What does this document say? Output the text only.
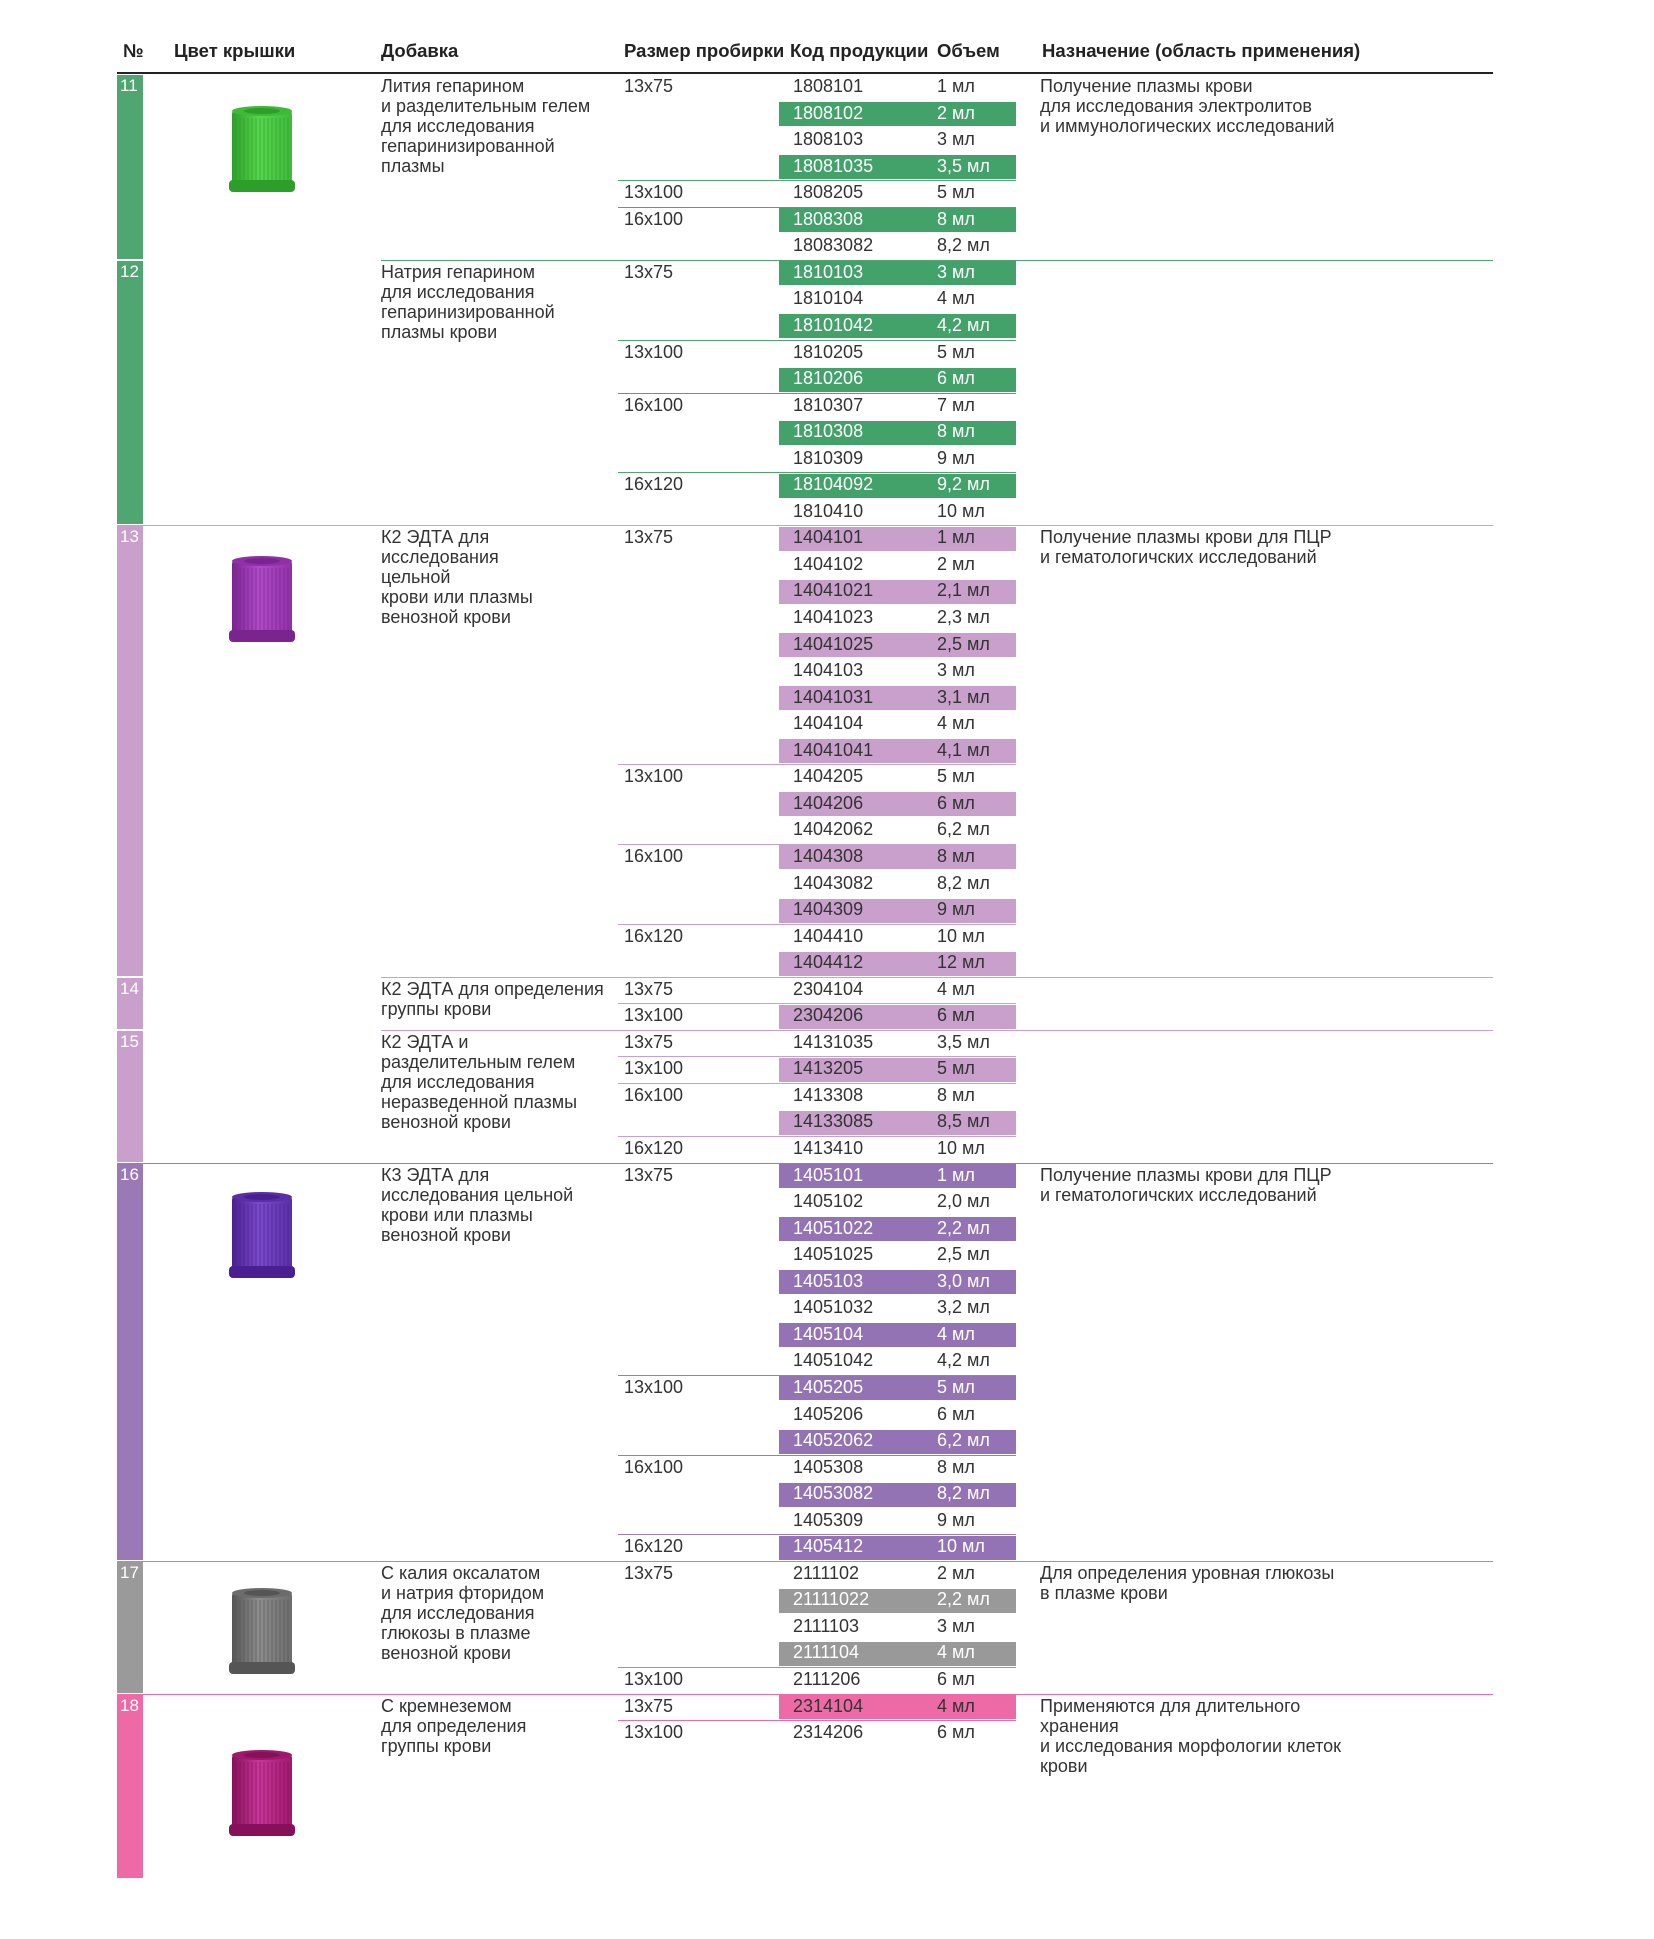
№ Цвет крышки	Добавка	Размер пробирки Код продукции Объем Назначение (область применения)
11	Лития гепарином
и разделительным гелем
для исследования
гепаринизированной
плазмы
Получение плазмы крови
для исследования электролитов
и иммунологических исследований
13x75	1808101	1 мл
1808102	2 мл
1808103	3 мл
18081035	3,5 мл
13x100	1808205	5 мл
16x100	1808308	8 мл
18083082	8,2 мл
12	Натрия гепарином
для исследования
гепаринизированной
плазмы крови
13x75	1810103	3 мл
1810104	4 мл
18101042	4,2 мл
13x100	1810205	5 мл
1810206	6 мл
16x100	1810307	7 мл
1810308	8 мл
1810309	9 мл
16x120	18104092	9,2 мл
1810410	10 мл
13	К2 ЭДТА для
исследования
цельной
крови или плазмы
венозной крови
Получение плазмы крови для ПЦР
и гематологичских исследований
13x75	1404101	1 мл
1404102	2 мл
14041021	2,1 мл
14041023	2,3 мл
14041025	2,5 мл
1404103	3 мл
14041031	3,1 мл
1404104	4 мл
14041041	4,1 мл
13x100	1404205	5 мл
1404206	6 мл
14042062	6,2 мл
16x100	1404308	8 мл
14043082	8,2 мл
1404309	9 мл
16x120	1404410	10 мл
1404412	12 мл
14	К2 ЭДТА для определения
группы крови
13x75	2304104	4 мл
13x100	2304206	6 мл
15	К2 ЭДТА и
разделительным гелем
для исследования
неразведенной плазмы
венозной крови
13x75	14131035	3,5 мл
13x100	1413205	5 мл
16x100	1413308	8 мл
14133085	8,5 мл
16x120	1413410	10 мл
16	К3 ЭДТА для
исследования цельной
крови или плазмы
венозной крови
Получение плазмы крови для ПЦР
и гематологичских исследований
13x75	1405101	1 мл
1405102	2,0 мл
14051022	2,2 мл
14051025	2,5 мл
1405103	3,0 мл
14051032	3,2 мл
1405104	4 мл
14051042	4,2 мл
13x100	1405205	5 мл
1405206	6 мл
14052062	6,2 мл
16x100	1405308	8 мл
14053082	8,2 мл
1405309	9 мл
16x120	1405412	10 мл
17	С калия оксалатом
и натрия фторидом
для исследования
глюкозы в плазме
венозной крови
Для определения уровная глюкозы
в плазме крови
13x75	2111102	2 мл
21111022	2,2 мл
2111103	3 мл
2111104	4 мл
13x100	2111206	6 мл
18	С кремнеземом
для определения
группы крови
Применяются для длительного хранения
и исследования морфологии клеток крови
13x75	2314104	4 мл
13x100	2314206	6 мл
